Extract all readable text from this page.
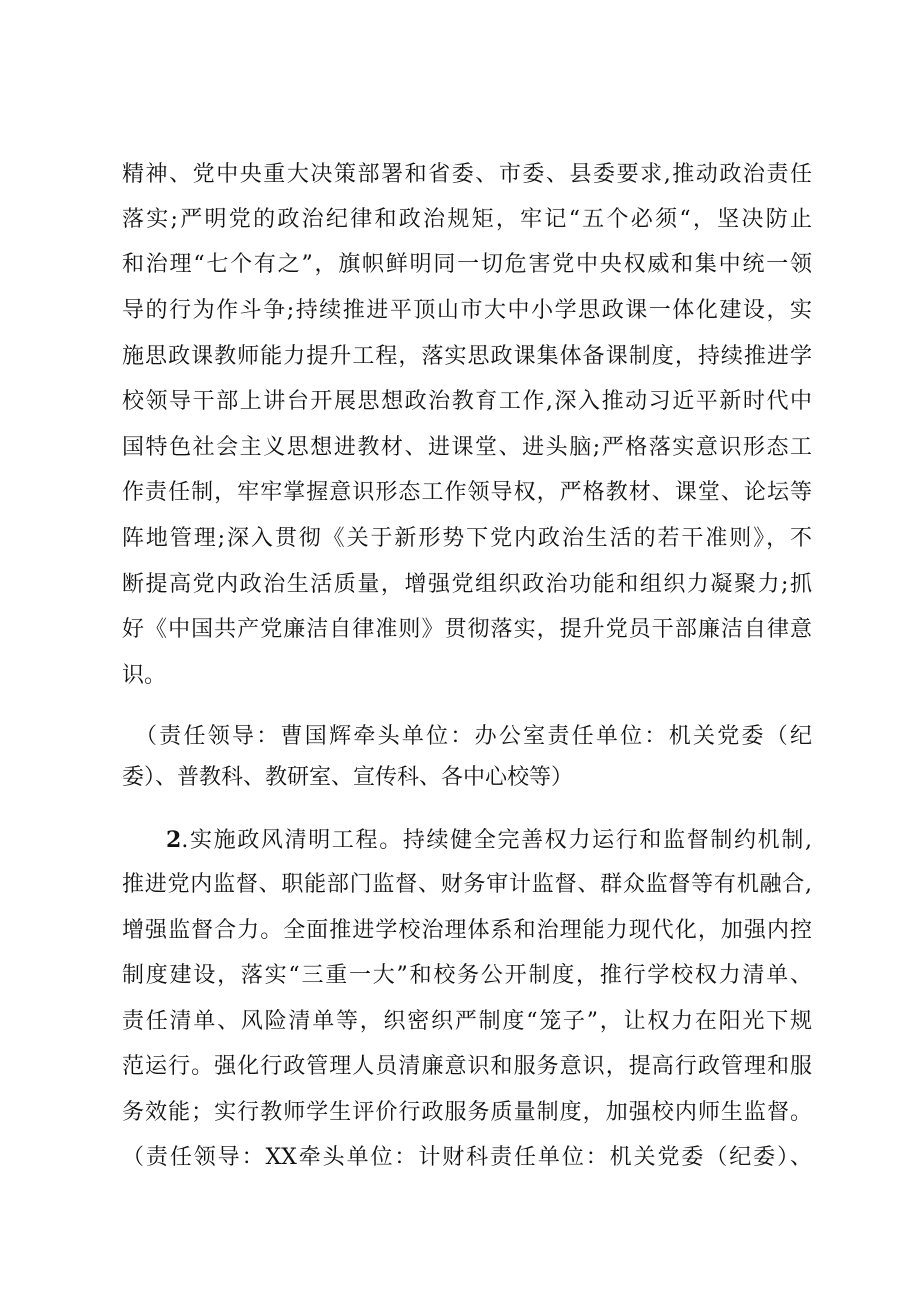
精神、党中央重大决策部署和省委、市委、县委要求,推动政治责任
落实;严明党的政治纪律和政治规矩，牢记“五个必须“，坚决防止
和治理“七个有之”，旗帜鲜明同一切危害党中央权威和集中统一领
导的行为作斗争;持续推进平顶山市大中小学思政课一体化建设，实
施思政课教师能力提升工程，落实思政课集体备课制度，持续推进学
校领导干部上讲台开展思想政治教育工作,深入推动习近平新时代中
国特色社会主义思想进教材、进课堂、进头脑;严格落实意识形态工
作责任制，牢牢掌握意识形态工作领导权，严格教材、课堂、论坛等
阵地管理;深入贯彻《关于新形势下党内政治生活的若干准则》，不
断提高党内政治生活质量，增强党组织政治功能和组织力凝聚力;抓
好《中国共产党廉洁自律准则》贯彻落实，提升党员干部廉洁自律意
识。
（责任领导：曹国辉牵头单位：办公室责任单位：机关党委（纪
委）、普教科、教研室、宣传科、各中心校等）
2.实施政风清明工程。持续健全完善权力运行和监督制约机制,
推进党内监督、职能部门监督、财务审计监督、群众监督等有机融合,
增强监督合力。全面推进学校治理体系和治理能力现代化，加强内控
制度建设，落实“三重一大”和校务公开制度，推行学校权力清单、
责任清单、风险清单等，织密织严制度“笼子”，让权力在阳光下规
范运行。强化行政管理人员清廉意识和服务意识，提高行政管理和服
务效能；实行教师学生评价行政服务质量制度，加强校内师生监督。
（责任领导：XX牵头单位：计财科责任单位：机关党委（纪委）、
